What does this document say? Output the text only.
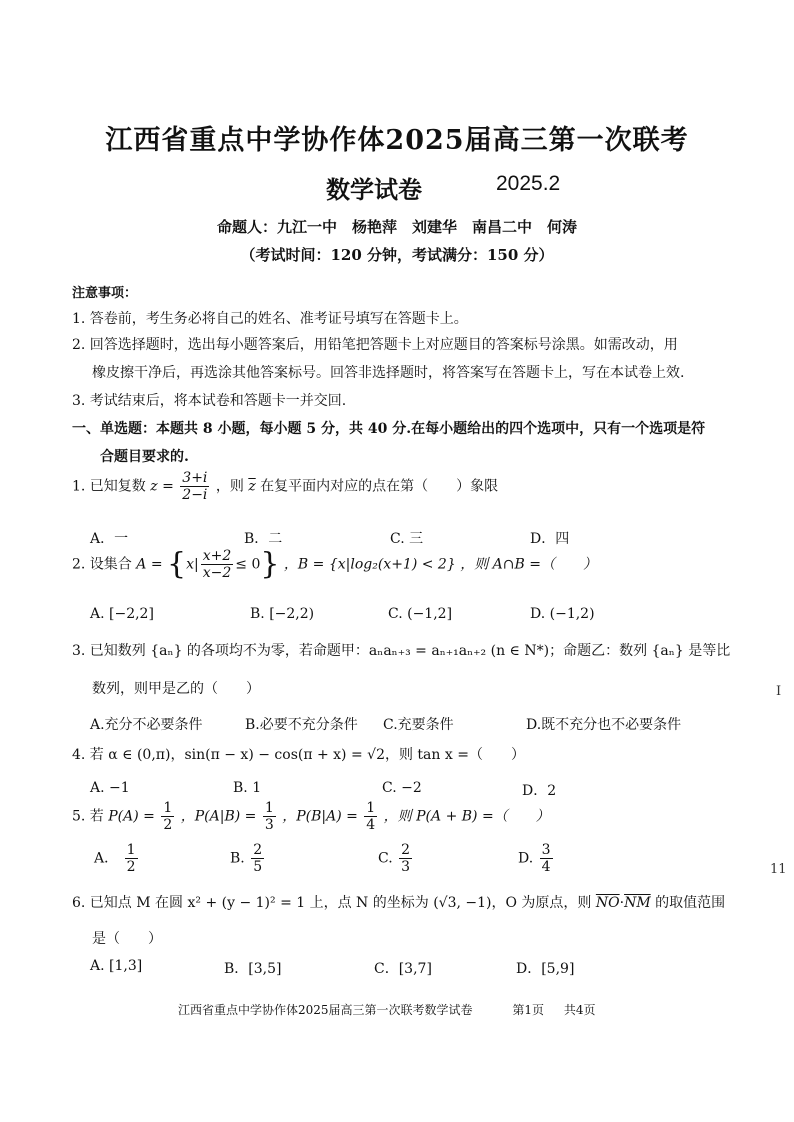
江西省重点中学协作体2025届高三第一次联考
数学试卷	2025.2
命题人：九江一中　杨艳萍　刘建华　南昌二中　何涛
（考试时间：120 分钟，考试满分：150 分）
注意事项：
1. 答卷前，考生务必将自己的姓名、准考证号填写在答题卡上。
2. 回答选择题时，选出每小题答案后，用铅笔把答题卡上对应题目的答案标号涂黑。如需改动，用
橡皮擦干净后，再选涂其他答案标号。回答非选择题时，将答案写在答题卡上，写在本试卷上效.
3. 考试结束后，将本试卷和答题卡一并交回.
一、单选题：本题共 8 小题，每小题 5 分，共 40 分.在每小题给出的四个选项中，只有一个选项是符
合题目要求的.
1. 已知复数 $z = \frac{3+i}{2-i}$ ，则 $\overline{z}$ 在复平面内对应的点在第（　　）象限
A．一	B．二	C. 三	D．四
2. 设集合 $A = \{x| \frac{x+2}{x-2} \le 0\}$ ，B = {x|log₂(x+1) < 2} ，则 A∩B =（　　）
A. [−2,2]	B. [−2,2)	C. (−1,2]	D. (−1,2)
3. 已知数列 {aₙ} 的各项均不为零，若命题甲：aₙaₙ₊₃ = aₙ₊₁aₙ₊₂ (n ∈ N*)；命题乙：数列 {aₙ} 是等比
数列，则甲是乙的（　　）
A.充分不必要条件	B.必要不充分条件 C.充要条件	D.既不充分也不必要条件
4. 若 α ∈ (0,π)，sin(π − x) − cos(π + x) = √2，则 tan x =（　　）
A. −1	B. 1	C. −2	D．2
5. 若 $P(A) = \frac{1}{2}$ ，$P(A|B) = \frac{1}{3}$ ，$P(B|A) = \frac{1}{4}$ ，则 P(A + B) =（　　）
A． $\frac{1}{2}$	B. $\frac{2}{5}$	C. $\frac{2}{3}$	D. $\frac{3}{4}$
6. 已知点 M 在圆 x² + (y − 1)² = 1 上，点 N 的坐标为 (√3, −1)，O 为原点，则 $\overline{NO}\cdot\overline{NM}$ 的取值范围
是（　　）
A. [1,3]	B．[3,5]	C．[3,7]	D．[5,9]
I
11
江西省重点中学协作体2025届高三第一次联考数学试卷	第1页 共4页
